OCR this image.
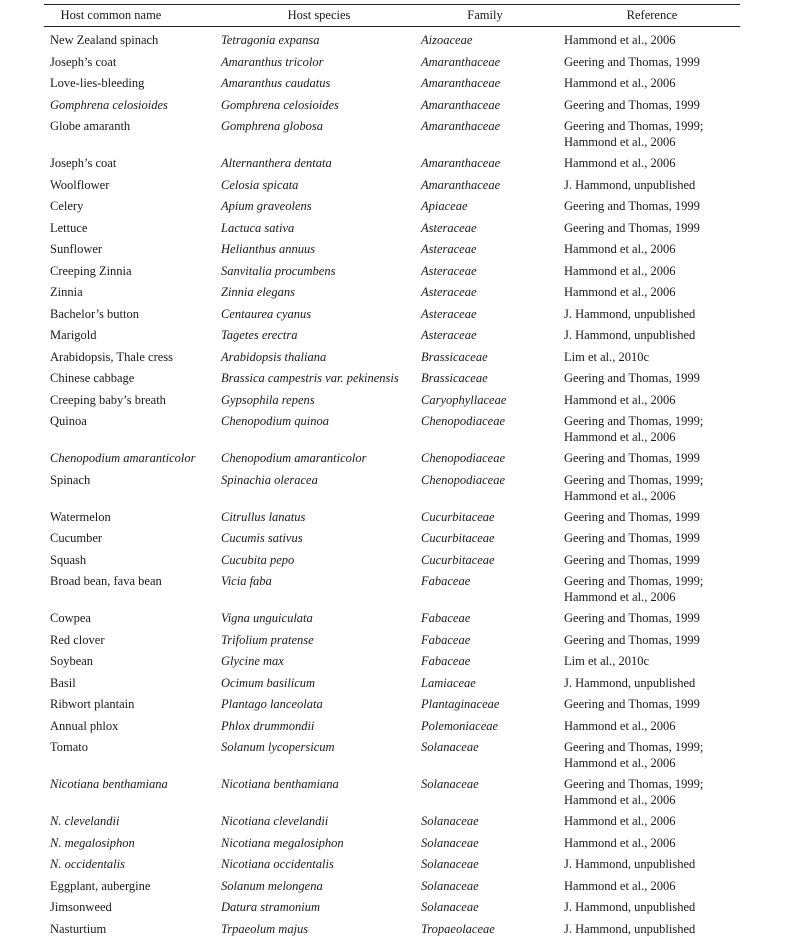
Host common name	Host species	Family	Reference
New Zealand spinach	Tetragonia expansa	Aizoaceae	Hammond et al., 2006
Joseph’s coat	Amaranthus tricolor	Amaranthaceae	Geering and Thomas, 1999
Love-lies-bleeding	Amaranthus caudatus	Amaranthaceae	Hammond et al., 2006
Gomphrena celosioides	Gomphrena celosioides	Amaranthaceae	Geering and Thomas, 1999
Globe amaranth	Gomphrena globosa	Amaranthaceae	Geering and Thomas, 1999;
Hammond et al., 2006
Joseph’s coat	Alternanthera dentata	Amaranthaceae	Hammond et al., 2006
Woolflower	Celosia spicata	Amaranthaceae	J. Hammond, unpublished
Celery	Apium graveolens	Apiaceae	Geering and Thomas, 1999
Lettuce	Lactuca sativa	Asteraceae	Geering and Thomas, 1999
Sunflower	Helianthus annuus	Asteraceae	Hammond et al., 2006
Creeping Zinnia	Sanvitalia procumbens	Asteraceae	Hammond et al., 2006
Zinnia	Zinnia elegans	Asteraceae	Hammond et al., 2006
Bachelor’s button	Centaurea cyanus	Asteraceae	J. Hammond, unpublished
Marigold	Tagetes erectra	Asteraceae	J. Hammond, unpublished
Arabidopsis, Thale cress	Arabidopsis thaliana	Brassicaceae	Lim et al., 2010c
Chinese cabbage	Brassica campestris var. pekinensis	Brassicaceae	Geering and Thomas, 1999
Creeping baby’s breath	Gypsophila repens	Caryophyllaceae	Hammond et al., 2006
Quinoa	Chenopodium quinoa	Chenopodiaceae	Geering and Thomas, 1999;
Hammond et al., 2006
Chenopodium amaranticolor	Chenopodium amaranticolor	Chenopodiaceae	Geering and Thomas, 1999
Spinach	Spinachia oleracea	Chenopodiaceae	Geering and Thomas, 1999;
Hammond et al., 2006
Watermelon	Citrullus lanatus	Cucurbitaceae	Geering and Thomas, 1999
Cucumber	Cucumis sativus	Cucurbitaceae	Geering and Thomas, 1999
Squash	Cucubita pepo	Cucurbitaceae	Geering and Thomas, 1999
Broad bean, fava bean	Vicia faba	Fabaceae	Geering and Thomas, 1999;
Hammond et al., 2006
Cowpea	Vigna unguiculata	Fabaceae	Geering and Thomas, 1999
Red clover	Trifolium pratense	Fabaceae	Geering and Thomas, 1999
Soybean	Glycine max	Fabaceae	Lim et al., 2010c
Basil	Ocimum basilicum	Lamiaceae	J. Hammond, unpublished
Ribwort plantain	Plantago lanceolata	Plantaginaceae	Geering and Thomas, 1999
Annual phlox	Phlox drummondii	Polemoniaceae	Hammond et al., 2006
Tomato	Solanum lycopersicum	Solanaceae	Geering and Thomas, 1999;
Hammond et al., 2006
Nicotiana benthamiana	Nicotiana benthamiana	Solanaceae	Geering and Thomas, 1999;
Hammond et al., 2006
N. clevelandii	Nicotiana clevelandii	Solanaceae	Hammond et al., 2006
N. megalosiphon	Nicotiana megalosiphon	Solanaceae	Hammond et al., 2006
N. occidentalis	Nicotiana occidentalis	Solanaceae	J. Hammond, unpublished
Eggplant, aubergine	Solanum melongena	Solanaceae	Hammond et al., 2006
Jimsonweed	Datura stramonium	Solanaceae	J. Hammond, unpublished
Nasturtium	Trpaeolum majus	Tropaeolaceae	J. Hammond, unpublished
